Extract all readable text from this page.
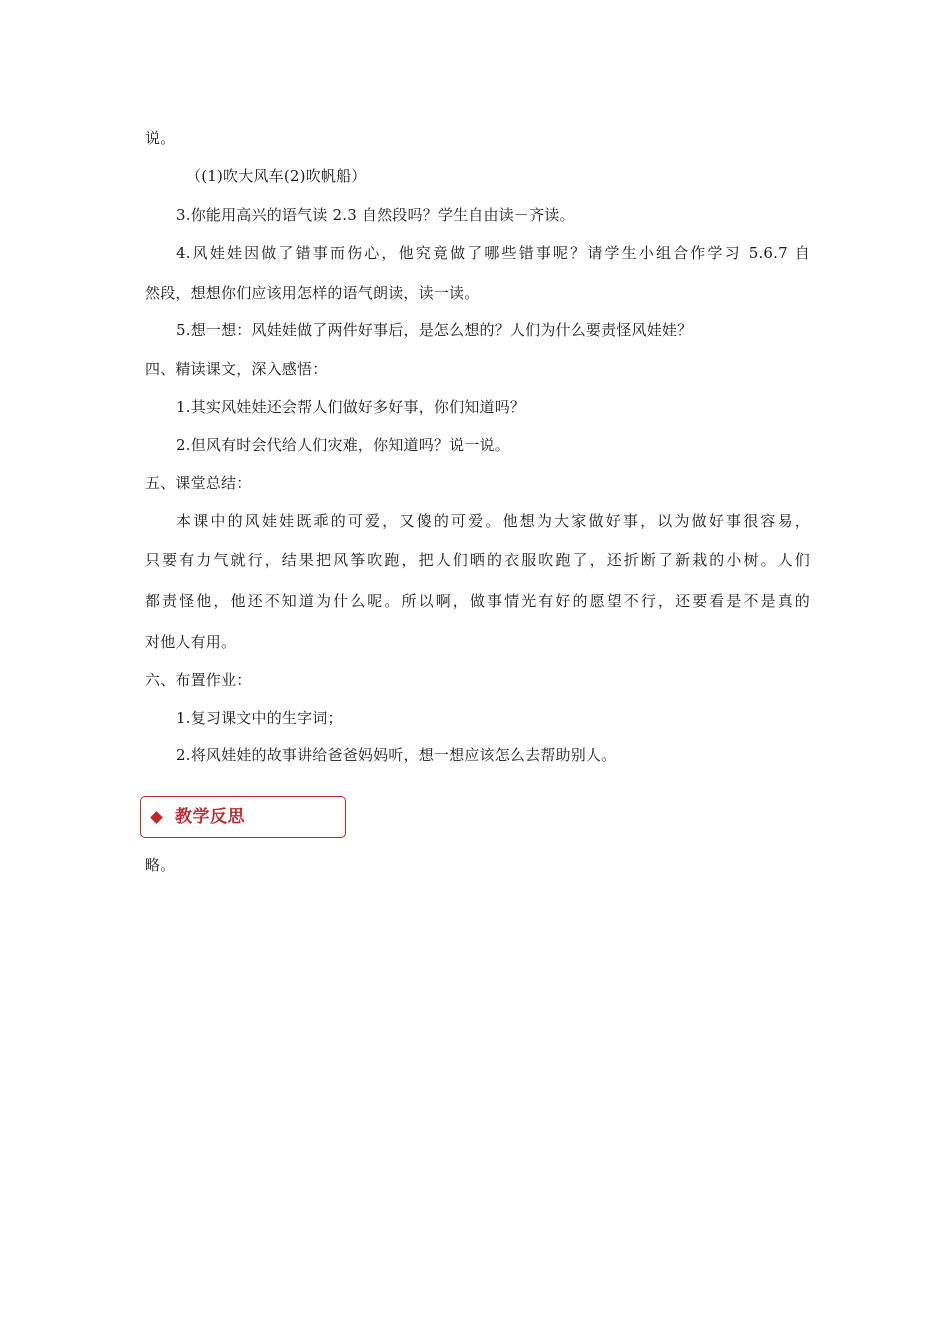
说。
（(1)吹大风车(2)吹帆船）
3.你能用高兴的语气读 2.3 自然段吗？学生自由读－齐读。
4.风娃娃因做了错事而伤心，他究竟做了哪些错事呢？请学生小组合作学习 5.6.7 自
然段，想想你们应该用怎样的语气朗读，读一读。
5.想一想：风娃娃做了两件好事后，是怎么想的？人们为什么要责怪风娃娃？
四、精读课文，深入感悟：
1.其实风娃娃还会帮人们做好多好事，你们知道吗？
2.但风有时会代给人们灾难，你知道吗？说一说。
五、课堂总结：
本课中的风娃娃既乖的可爱，又傻的可爱。他想为大家做好事，以为做好事很容易，
只要有力气就行，结果把风筝吹跑，把人们晒的衣服吹跑了，还折断了新栽的小树。人们
都责怪他，他还不知道为什么呢。所以啊，做事情光有好的愿望不行，还要看是不是真的
对他人有用。
六、布置作业：
1.复习课文中的生字词；
2.将风娃娃的故事讲给爸爸妈妈听，想一想应该怎么去帮助别人。
教学反思
略。
